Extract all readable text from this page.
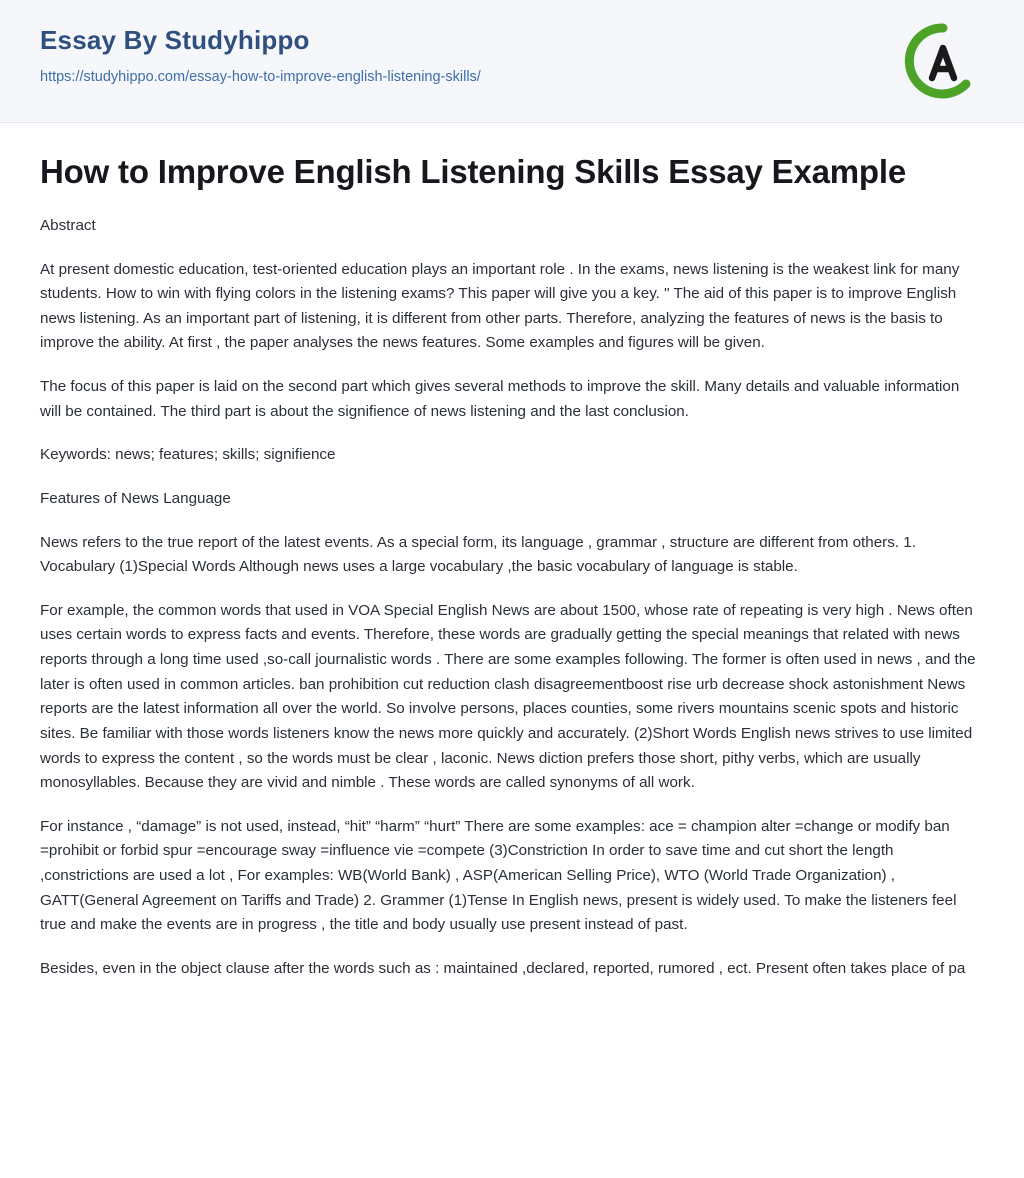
Essay By Studyhippo
https://studyhippo.com/essay-how-to-improve-english-listening-skills/
How to Improve English Listening Skills Essay Example

Abstract

At present domestic education, test-oriented education plays an important role . In the exams, news listening is the weakest link for many students. How to win with flying colors in the listening exams? This paper will give you a key. " The aid of this paper is to improve English news listening. As an important part of listening, it is different from other parts. Therefore, analyzing the features of news is the basis to improve the ability. At first , the paper analyses the news features. Some examples and figures will be given.

The focus of this paper is laid on the second part which gives several methods to improve the skill. Many details and valuable information will be contained. The third part is about the signifience of news listening and the last conclusion.

Keywords: news; features; skills; signifience

Features of News Language

News refers to the true report of the latest events. As a special form, its language , grammar , structure are different from others. 1. Vocabulary (1)Special Words Although news uses a large vocabulary ,the basic vocabulary of language is stable.

For example, the common words that used in VOA Special English News are about 1500, whose rate of repeating is very high . News often uses certain words to express facts and events. Therefore, these words are gradually getting the special meanings that related with news reports through a long time used ,so-call journalistic words . There are some examples following. The former is often used in news , and the later is often used in common articles. ban prohibition cut reduction clash disagreementboost rise urb decrease shock astonishment News reports are the latest information all over the world. So involve persons, places counties, some rivers mountains scenic spots and historic sites. Be familiar with those words listeners know the news more quickly and accurately. (2)Short Words English news strives to use limited words to express the content , so the words must be clear , laconic. News diction prefers those short, pithy verbs, which are usually monosyllables. Because they are vivid and nimble . These words are called synonyms of all work.

For instance , “damage” is not used, instead, “hit” “harm” “hurt” There are some examples: ace = champion alter =change or modify ban =prohibit or forbid spur =encourage sway =influence vie =compete (3)Constriction In order to save time and cut short the length ,constrictions are used a lot , For examples: WB(World Bank) , ASP(American Selling Price), WTO (World Trade Organization) , GATT(General Agreement on Tariffs and Trade) 2. Grammer (1)Tense In English news, present is widely used. To make the listeners feel true and make the events are in progress , the title and body usually use present instead of past.

Besides, even in the object clause after the words such as : maintained ,declared, reported, rumored , ect. Present often takes place of pa
